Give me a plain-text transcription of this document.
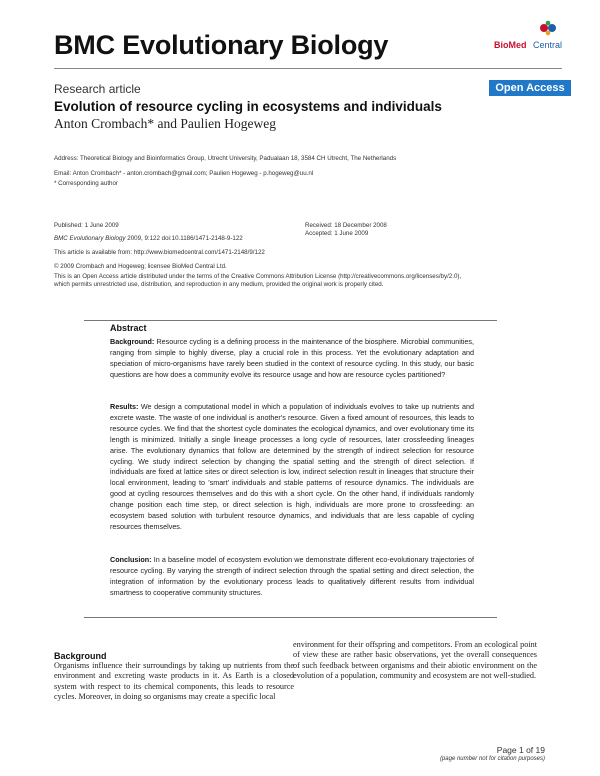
BMC Evolutionary Biology	BioMed Central
Research article	Open Access
Evolution of resource cycling in ecosystems and individuals
Anton Crombach* and Paulien Hogeweg
Address: Theoretical Biology and Bioinformatics Group, Utrecht University, Padualaan 18, 3584 CH Utrecht, The Netherlands
Email: Anton Crombach* - anton.crombach@gmail.com; Paulien Hogeweg - p.hogeweg@uu.nl
* Corresponding author
Published: 1 June 2009
BMC Evolutionary Biology 2009, 9:122 doi:10.1186/1471-2148-9-122
Received: 18 December 2008
Accepted: 1 June 2009
This article is available from: http://www.biomedcentral.com/1471-2148/9/122
© 2009 Crombach and Hogeweg; licensee BioMed Central Ltd.
This is an Open Access article distributed under the terms of the Creative Commons Attribution License (http://creativecommons.org/licenses/by/2.0),
which permits unrestricted use, distribution, and reproduction in any medium, provided the original work is properly cited.
Abstract

Background: Resource cycling is a defining process in the maintenance of the biosphere. Microbial communities, ranging from simple to highly diverse, play a crucial role in this process. Yet the evolutionary adaptation and speciation of micro-organisms have rarely been studied in the context of resource cycling. In this study, our basic questions are how does a community evolve its resource usage and how are resource cycles partitioned?

Results: We design a computational model in which a population of individuals evolves to take up nutrients and excrete waste. The waste of one individual is another's resource. Given a fixed amount of resources, this leads to resource cycles. We find that the shortest cycle dominates the ecological dynamics, and over evolutionary time its length is minimized. Initially a single lineage processes a long cycle of resources, later crossfeeding lineages arise. The evolutionary dynamics that follow are determined by the strength of indirect selection for resource cycling. We study indirect selection by changing the spatial setting and the strength of direct selection. If individuals are fixed at lattice sites or direct selection is low, indirect selection result in lineages that structure their local environment, leading to 'smart' individuals and stable patterns of resource dynamics. The individuals are good at cycling resources themselves and do this with a short cycle. On the other hand, if individuals randomly change position each time step, or direct selection is high, individuals are more prone to crossfeeding: an ecosystem based solution with turbulent resource dynamics, and individuals that are less capable of cycling resources themselves.

Conclusion: In a baseline model of ecosystem evolution we demonstrate different eco-evolutionary trajectories of resource cycling. By varying the strength of indirect selection through the spatial setting and direct selection, the integration of information by the evolutionary process leads to qualitatively different results from individual smartness to cooperative community structures.

Background

Organisms influence their surroundings by taking up nutrients from the environment and excreting waste products in it. As Earth is a closed system with respect to its chemical components, this leads to resource cycles. Moreover, in doing so organisms may create a specific local

environment for their offspring and competitors. From an ecological point of view these are rather basic observations, yet the overall consequences of such feedback between organisms and their abiotic environment on the evolution of a population, community and ecosystem are not well-studied.

Page 1 of 19
(page number not for citation purposes)
